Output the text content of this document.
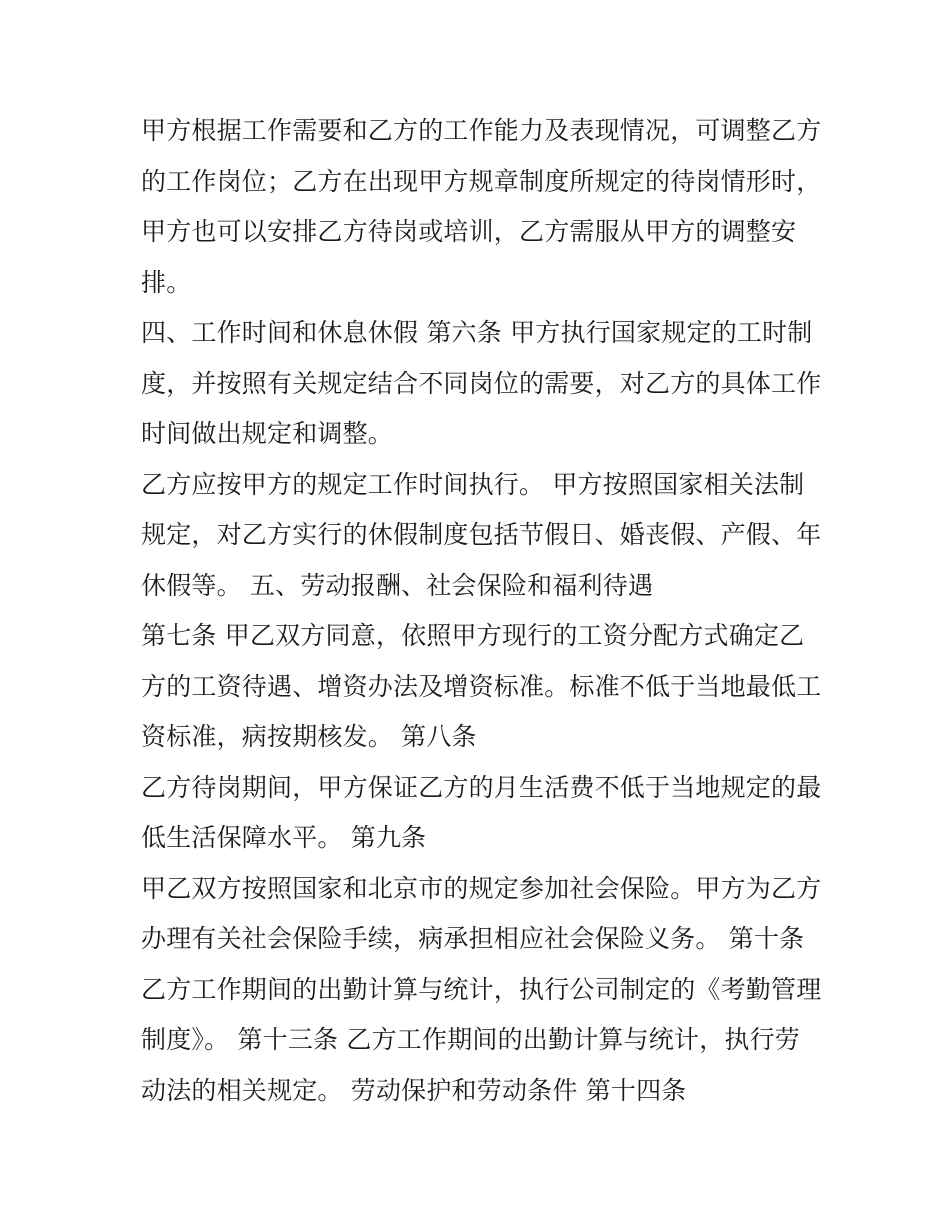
甲方根据工作需要和乙方的工作能力及表现情况，可调整乙方
的工作岗位；乙方在出现甲方规章制度所规定的待岗情形时，
甲方也可以安排乙方待岗或培训，乙方需服从甲方的调整安
排。
四、工作时间和休息休假 第六条 甲方执行国家规定的工时制
度，并按照有关规定结合不同岗位的需要，对乙方的具体工作
时间做出规定和调整。
乙方应按甲方的规定工作时间执行。 甲方按照国家相关法制
规定，对乙方实行的休假制度包括节假日、婚丧假、产假、年
休假等。 五、劳动报酬、社会保险和福利待遇
第七条 甲乙双方同意，依照甲方现行的工资分配方式确定乙
方的工资待遇、增资办法及增资标准。标准不低于当地最低工
资标准，病按期核发。 第八条
乙方待岗期间，甲方保证乙方的月生活费不低于当地规定的最
低生活保障水平。 第九条
甲乙双方按照国家和北京市的规定参加社会保险。甲方为乙方
办理有关社会保险手续，病承担相应社会保险义务。 第十条
乙方工作期间的出勤计算与统计，执行公司制定的《考勤管理
制度》。 第十三条 乙方工作期间的出勤计算与统计，执行劳
动法的相关规定。 劳动保护和劳动条件 第十四条
